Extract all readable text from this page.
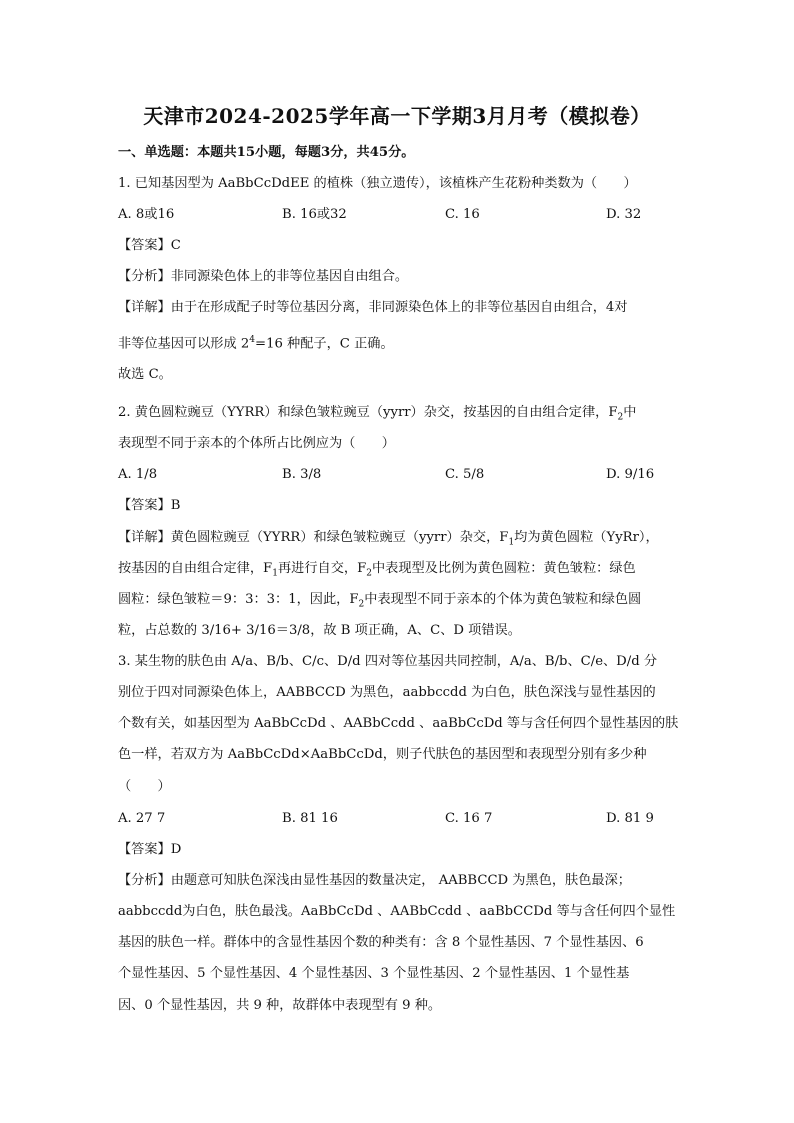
天津市2024-2025学年高一下学期3月月考（模拟卷）
一、单选题：本题共15小题，每题3分，共45分。
1. 已知基因型为 AaBbCcDdEE 的植株（独立遗传），该植株产生花粉种类数为（　　）
A. 8或16	B. 16或32	C. 16	D. 32
【答案】C
【分析】非同源染色体上的非等位基因自由组合。
【详解】由于在形成配子时等位基因分离，非同源染色体上的非等位基因自由组合，4对
非等位基因可以形成 $2^4=16$ 种配子，C 正确。
故选 C。
2. 黄色圆粒豌豆（YYRR）和绿色皱粒豌豆（yyrr）杂交，按基因的自由组合定律，$F_2$中
表现型不同于亲本的个体所占比例应为（　　）
A. 1/8	B. 3/8	C. 5/8	D. 9/16
【答案】B
【详解】黄色圆粒豌豆（YYRR）和绿色皱粒豌豆（yyrr）杂交，$F_1$均为黄色圆粒（YyRr），
按基因的自由组合定律，$F_1$再进行自交，$F_2$中表现型及比例为黄色圆粒：黄色皱粒：绿色
圆粒：绿色皱粒＝9：3：3：1，因此，$F_2$中表现型不同于亲本的个体为黄色皱粒和绿色圆
粒，占总数的 3/16+ 3/16＝3/8，故 B 项正确，A、C、D 项错误。
3. 某生物的肤色由 A/a、B/b、C/c、D/d 四对等位基因共同控制，A/a、B/b、C/e、D/d 分
别位于四对同源染色体上，AABBCCD 为黑色，aabbccdd 为白色，肤色深浅与显性基因的
个数有关，如基因型为 AaBbCcDd 、AABbCcdd 、aaBbCcDd 等与含任何四个显性基因的肤
色一样，若双方为 AaBbCcDd×AaBbCcDd，则子代肤色的基因型和表现型分别有多少种
（　　）
A. 27 7	B. 81 16	C. 16 7	D. 81 9
【答案】D
【分析】由题意可知肤色深浅由显性基因的数量决定， AABBCCD 为黑色，肤色最深；
aabbccdd为白色，肤色最浅。AaBbCcDd 、AABbCcdd 、aaBbCCDd 等与含任何四个显性
基因的肤色一样。群体中的含显性基因个数的种类有：含 8 个显性基因、7 个显性基因、6
个显性基因、5 个显性基因、4 个显性基因、3 个显性基因、2 个显性基因、1 个显性基
因、0 个显性基因，共 9 种，故群体中表现型有 9 种。
